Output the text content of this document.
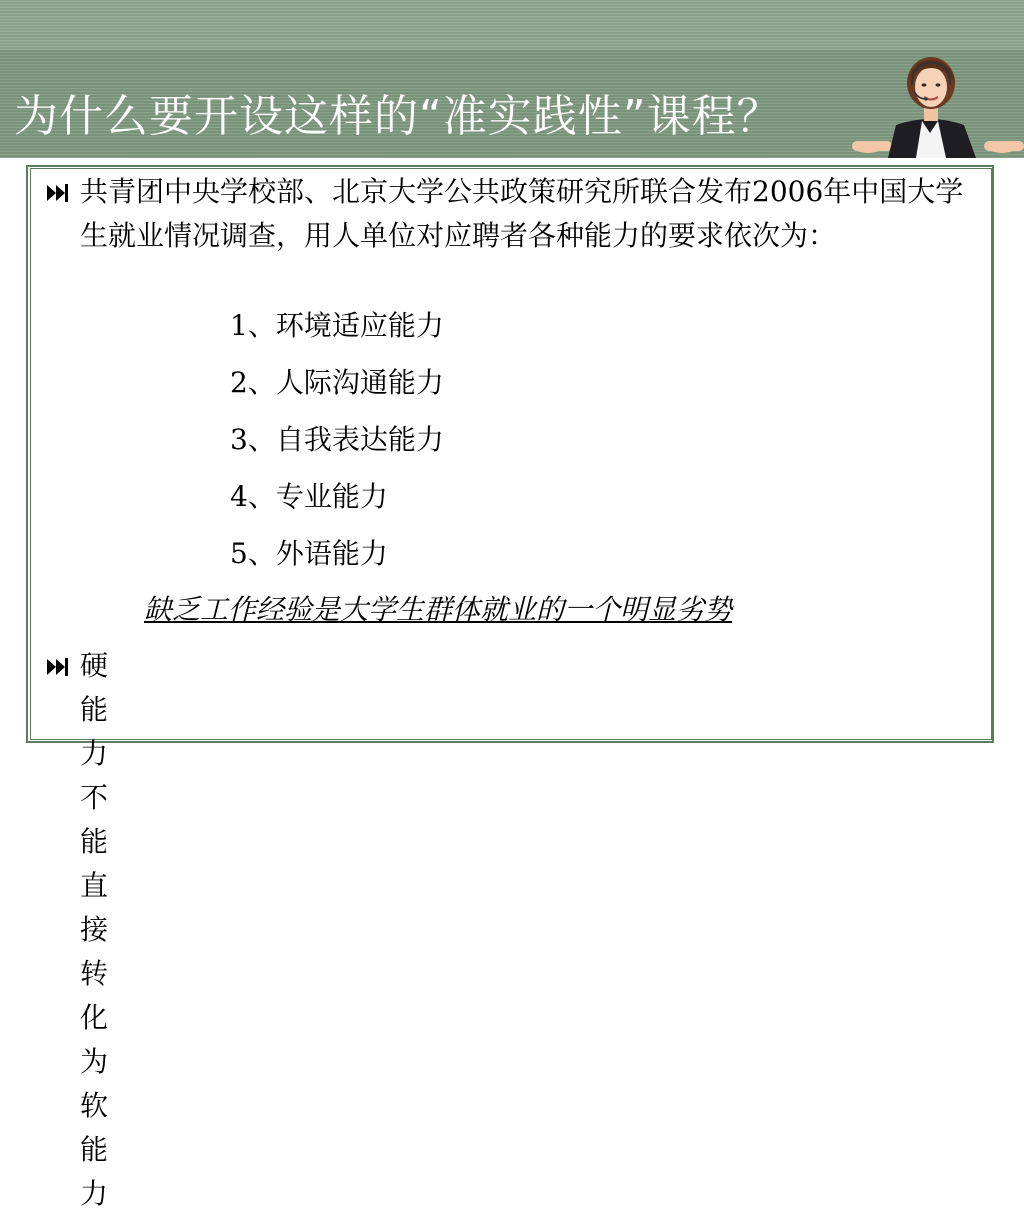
为什么要开设这样的“准实践性”课程？

共青团中央学校部、北京大学公共政策研究所联合发布2006年中国大学生就业情况调查，用人单位对应聘者各种能力的要求依次为：

1、环境适应能力
2、人际沟通能力
3、自我表达能力
4、专业能力
5、外语能力
缺乏工作经验是大学生群体就业的一个明显劣势
硬能力不能直接转化为软能力
